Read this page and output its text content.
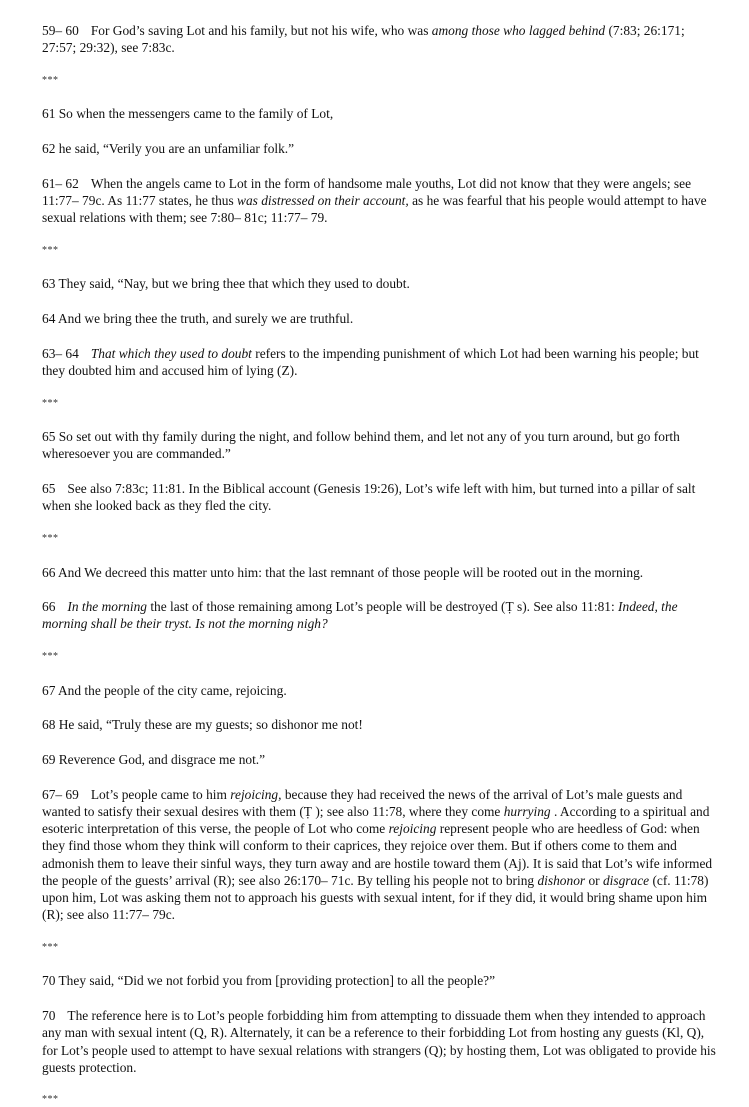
59– 60 For God’s saving Lot and his family, but not his wife, who was among those who lagged behind (7:83; 26:171; 27:57; 29:32), see 7:83c.

***

61 So when the messengers came to the family of Lot,

62 he said, “Verily you are an unfamiliar folk.”

61– 62 When the angels came to Lot in the form of handsome male youths, Lot did not know that they were angels; see 11:77– 79c. As 11:77 states, he thus was distressed on their account, as he was fearful that his people would attempt to have sexual relations with them; see 7:80– 81c; 11:77– 79.

***

63 They said, “Nay, but we bring thee that which they used to doubt.

64 And we bring thee the truth, and surely we are truthful.

63– 64 That which they used to doubt refers to the impending punishment of which Lot had been warning his people; but they doubted him and accused him of lying (Z).

***

65 So set out with thy family during the night, and follow behind them, and let not any of you turn around, but go forth wheresoever you are commanded.”

65 See also 7:83c; 11:81. In the Biblical account (Genesis 19:26), Lot’s wife left with him, but turned into a pillar of salt when she looked back as they fled the city.

***

66 And We decreed this matter unto him: that the last remnant of those people will be rooted out in the morning.

66 In the morning the last of those remaining among Lot’s people will be destroyed (Ṭ s). See also 11:81: Indeed, the morning shall be their tryst. Is not the morning nigh?

***

67 And the people of the city came, rejoicing.

68 He said, “Truly these are my guests; so dishonor me not!

69 Reverence God, and disgrace me not.”

67– 69 Lot’s people came to him rejoicing, because they had received the news of the arrival of Lot’s male guests and wanted to satisfy their sexual desires with them (Ṭ ); see also 11:78, where they come hurrying . According to a spiritual and esoteric interpretation of this verse, the people of Lot who come rejoicing represent people who are heedless of God: when they find those whom they think will conform to their caprices, they rejoice over them. But if others come to them and admonish them to leave their sinful ways, they turn away and are hostile toward them (Aj). It is said that Lot’s wife informed the people of the guests’ arrival (R); see also 26:170– 71c. By telling his people not to bring dishonor or disgrace (cf. 11:78) upon him, Lot was asking them not to approach his guests with sexual intent, for if they did, it would bring shame upon him (R); see also 11:77– 79c.

***

70 They said, “Did we not forbid you from [providing protection] to all the people?”

70 The reference here is to Lot’s people forbidding him from attempting to dissuade them when they intended to approach any man with sexual intent (Q, R). Alternately, it can be a reference to their forbidding Lot from hosting any guests (Kl, Q), for Lot’s people used to attempt to have sexual relations with strangers (Q); by hosting them, Lot was obligated to provide his guests protection.

***
